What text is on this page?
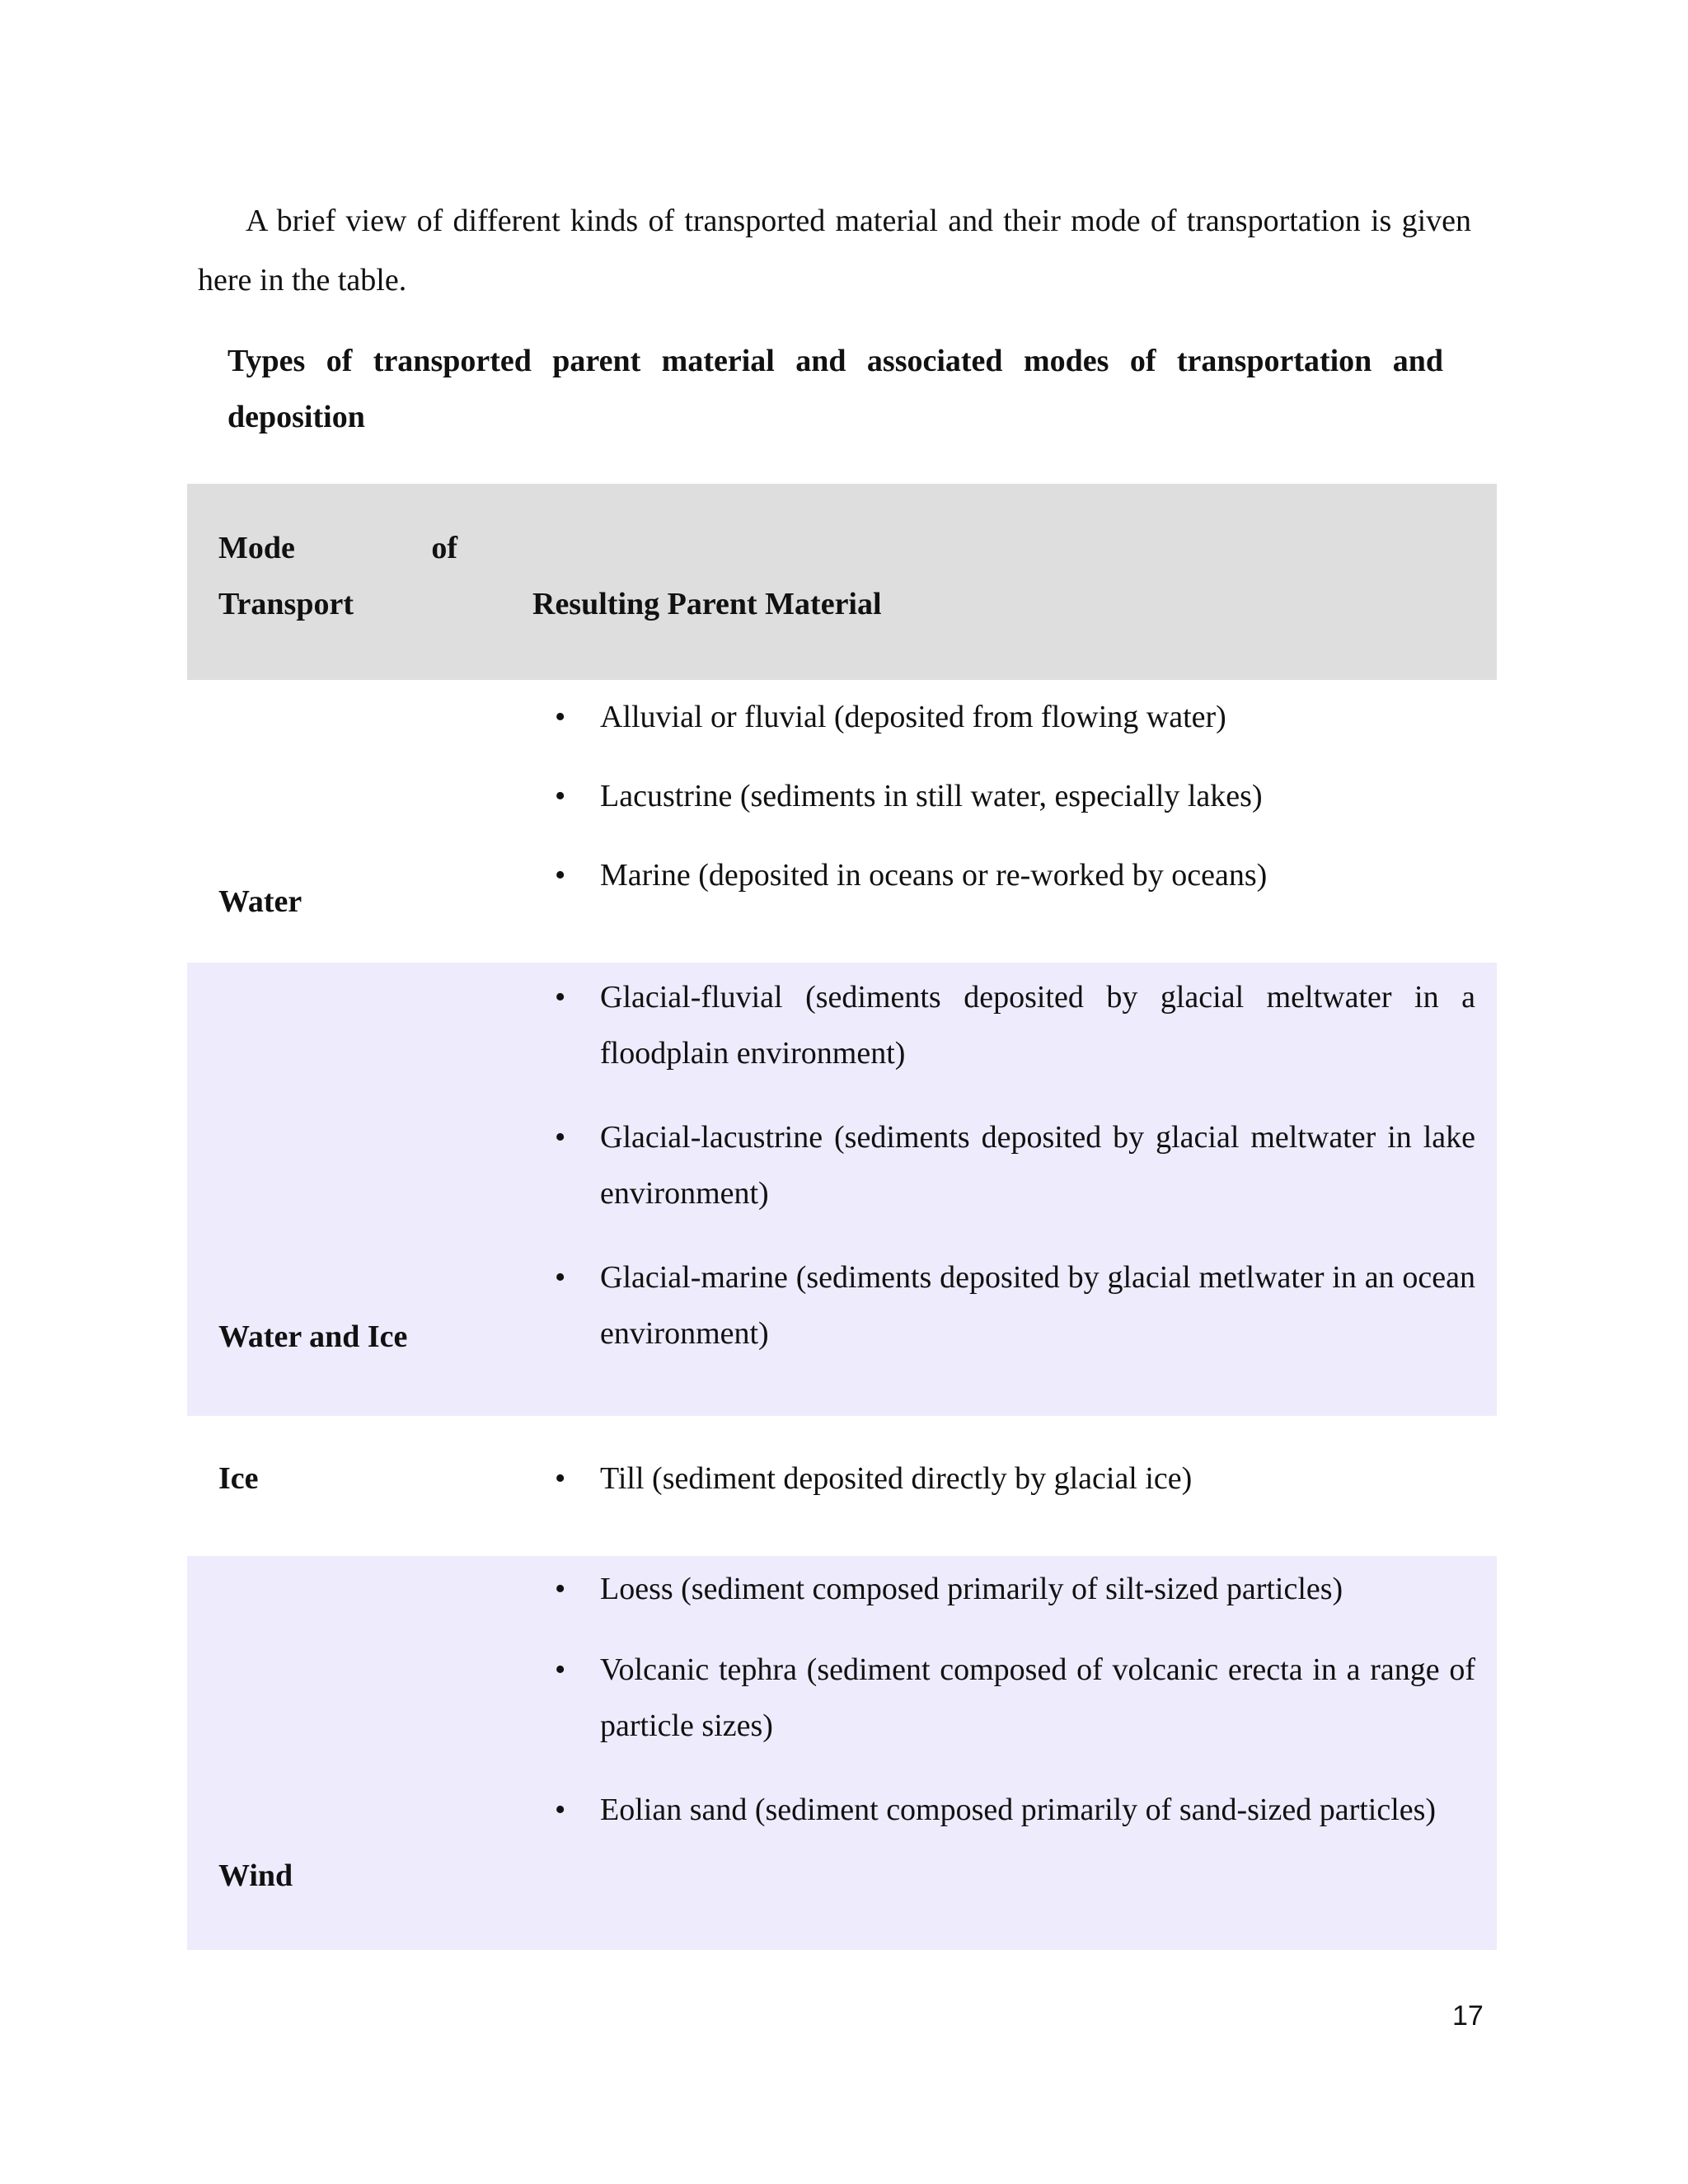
A brief view of different kinds of transported material and their mode of transportation is given here in the table.

Types of transported parent material and associated modes of transportation and deposition

Mode of Transport	Resulting Parent Material
Water
• Alluvial or fluvial (deposited from flowing water)
• Lacustrine (sediments in still water, especially lakes)
• Marine (deposited in oceans or re-worked by oceans)
Water and Ice
• Glacial-fluvial (sediments deposited by glacial meltwater in a floodplain environment)
• Glacial-lacustrine (sediments deposited by glacial meltwater in lake environment)
• Glacial-marine (sediments deposited by glacial metlwater in an ocean environment)
Ice	• Till (sediment deposited directly by glacial ice)
Wind
• Loess (sediment composed primarily of silt-sized particles)
• Volcanic tephra (sediment composed of volcanic erecta in a range of particle sizes)
• Eolian sand (sediment composed primarily of sand-sized particles)
17
